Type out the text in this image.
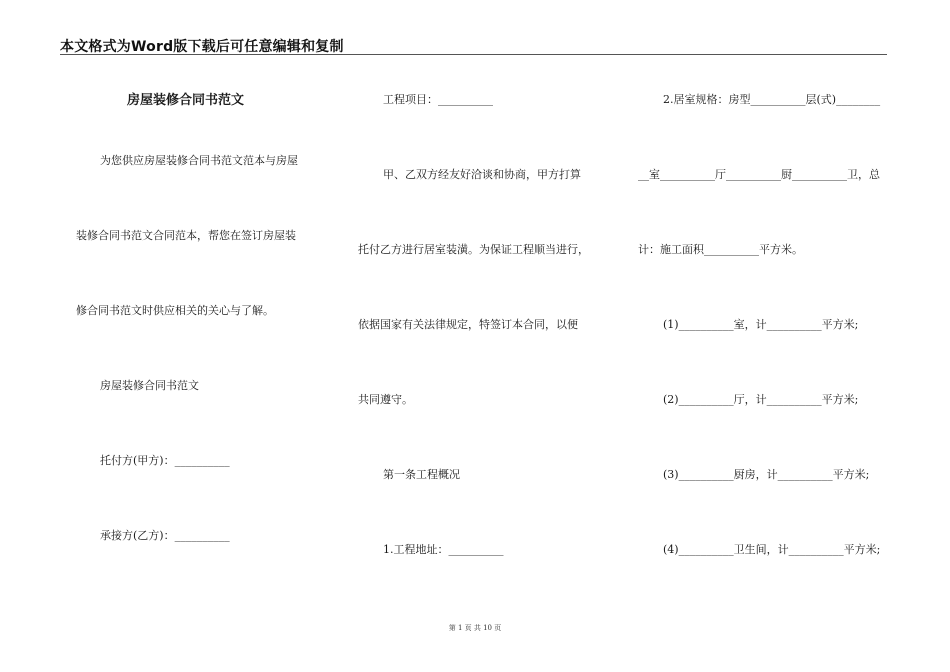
本文格式为Word版下载后可任意编辑和复制
房屋装修合同书范文
为您供应房屋装修合同书范文范本与房屋
装修合同书范文合同范本，帮您在签订房屋装
修合同书范文时供应相关的关心与了解。
房屋装修合同书范文
托付方(甲方)：__________
承接方(乙方)：__________
工程项目：__________
甲、乙双方经友好洽谈和协商，甲方打算
托付乙方进行居室装潢。为保证工程顺当进行，
依据国家有关法律规定，特签订本合同，以便
共同遵守。
第一条工程概况
1.工程地址：__________
2.居室规格：房型__________层(式)________
__室__________厅__________厨__________卫，总
计：施工面积__________平方米。
(1)__________室，计__________平方米;
(2)__________厅，计__________平方米;
(3)__________厨房，计__________平方米;
(4)__________卫生间，计__________平方米;
第 1 页 共 10 页
